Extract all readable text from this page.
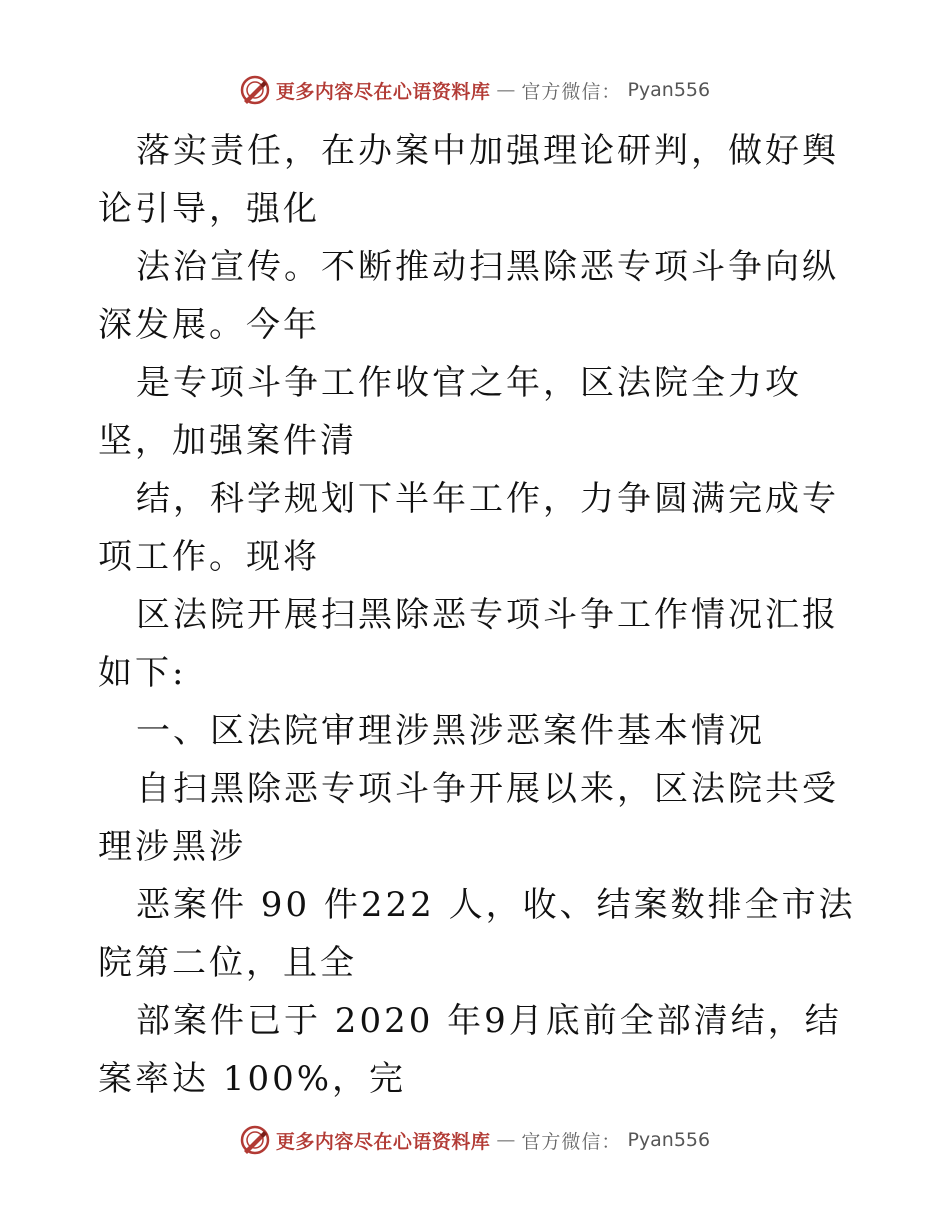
更多内容尽在心语资料库 — 官方微信： Pyan556

落实责任，在办案中加强理论研判，做好舆论引导，强化

法治宣传。不断推动扫黑除恶专项斗争向纵深发展。今年

是专项斗争工作收官之年，区法院全力攻坚，加强案件清

结，科学规划下半年工作，力争圆满完成专项工作。现将

区法院开展扫黑除恶专项斗争工作情况汇报如下:

一、区法院审理涉黑涉恶案件基本情况

自扫黑除恶专项斗争开展以来，区法院共受理涉黑涉

恶案件 90 件222 人，收、结案数排全市法院第二位，且全

部案件已于 2020 年9月底前全部清结，结案率达 100%，完

更多内容尽在心语资料库 — 官方微信： Pyan556
